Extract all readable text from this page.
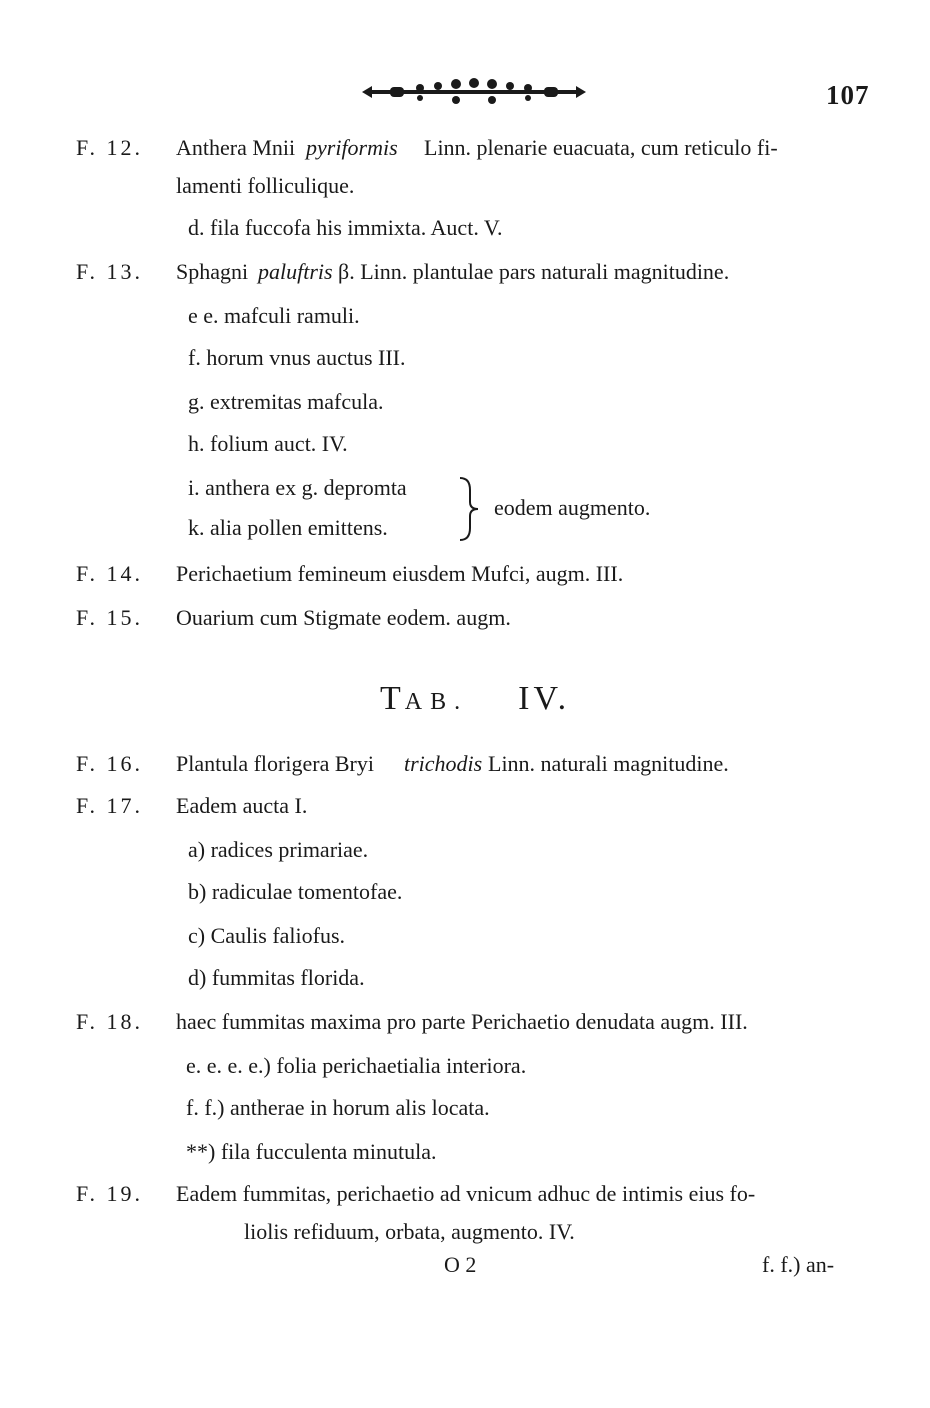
107
F. 12. Anthera Mnii pyriformis Linn. plenarie euacuata, cum reticulo fi-
lamenti folliculique.
d. fila fuccofa his immixta. Auct. V.
F. 13. Sphagni paluftris β. Linn. plantulae pars naturali magnitudine.
e e. mafculi ramuli.
f. horum vnus auctus III.
g. extremitas mafcula.
h. folium auct. IV.
i. anthera ex g. depromta
k. alia pollen emittens.
eodem augmento.
F. 14. Perichaetium femineum eiusdem Mufci, augm. III.
F. 15. Ouarium cum Stigmate eodem. augm.
F. 16. Plantula florigera Bryi trichodis Linn. naturali magnitudine.
F. 17. Eadem aucta I.
a) radices primariae.
b) radiculae tomentofae.
c) Caulis faliofus.
d) fummitas florida.
F. 18. haec fummitas maxima pro parte Perichaetio denudata augm. III.
e. e. e. e.) folia perichaetialia interiora.
f. f.) antherae in horum alis locata.
**) fila fucculenta minutula.
F. 19. Eadem fummitas, perichaetio ad vnicum adhuc de intimis eius fo-
liolis refiduum, orbata, augmento. IV.
TAB. IV.
O 2	f. f.) an-
